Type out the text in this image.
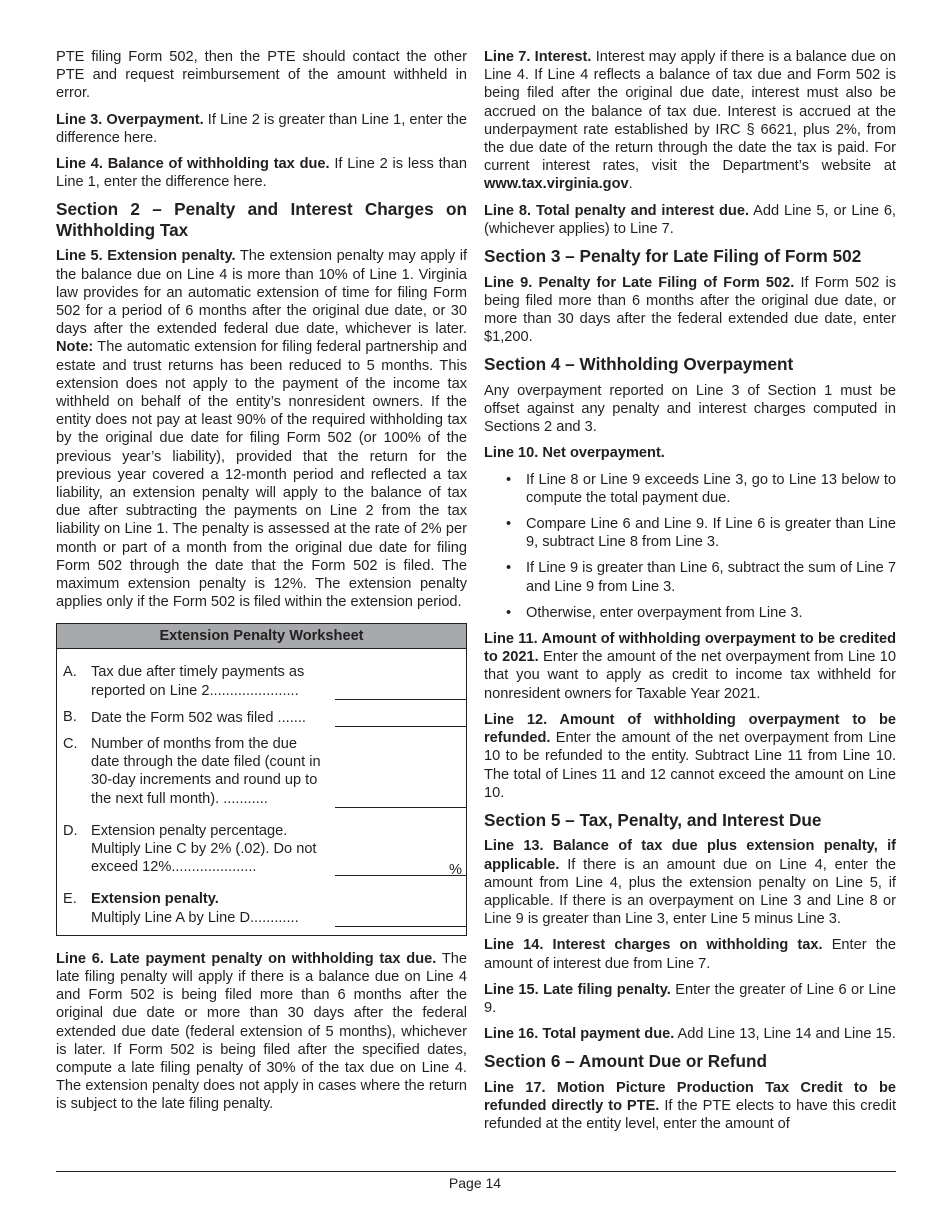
PTE filing Form 502, then the PTE should contact the other PTE and request reimbursement of the amount withheld in error.

Line 3. Overpayment. If Line 2 is greater than Line 1, enter the difference here.

Line 4. Balance of withholding tax due. If Line 2 is less than Line 1, enter the difference here.

Section 2 – Penalty and Interest Charges on Withholding Tax

Line 5. Extension penalty. The extension penalty may apply if the balance due on Line 4 is more than 10% of Line 1. Virginia law provides for an automatic extension of time for filing Form 502 for a period of 6 months after the original due date, or 30 days after the extended federal due date, whichever is later. Note: The automatic extension for filing federal partnership and estate and trust returns has been reduced to 5 months. This extension does not apply to the payment of the income tax withheld on behalf of the entity’s nonresident owners. If the entity does not pay at least 90% of the required withholding tax by the original due date for filing Form 502 (or 100% of the previous year’s liability), provided that the return for the previous year covered a 12-month period and reflected a tax liability, an extension penalty will apply to the balance of tax due after subtracting the payments on Line 2 from the tax liability on Line 1. The penalty is assessed at the rate of 2% per month or part of a month from the original due date for filing Form 502 through the date that the Form 502 is filed. The maximum extension penalty is 12%. The extension penalty applies only if the Form 502 is filed within the extension period.

Extension Penalty Worksheet
A. Tax due after timely payments as reported on Line 2......................
B. Date the Form 502 was filed .......
C. Number of months from the due date through the date filed (count in 30-day increments and round up to the next full month). ...........
D. Extension penalty percentage. Multiply Line C by 2% (.02). Do not exceed 12%.....................	%
E. Extension penalty.
Multiply Line A by Line D............

Line 6. Late payment penalty on withholding tax due. The late filing penalty will apply if there is a balance due on Line 4 and Form 502 is being filed more than 6 months after the original due date or more than 30 days after the federal extended due date (federal extension of 5 months), whichever is later. If Form 502 is being filed after the specified dates, compute a late filing penalty of 30% of the tax due on Line 4. The extension penalty does not apply in cases where the return is subject to the late filing penalty.

Line 7. Interest. Interest may apply if there is a balance due on Line 4. If Line 4 reflects a balance of tax due and Form 502 is being filed after the original due date, interest must also be accrued on the balance of tax due. Interest is accrued at the underpayment rate established by IRC § 6621, plus 2%, from the due date of the return through the date the tax is paid. For current interest rates, visit the Department’s website at www.tax.virginia.gov.

Line 8. Total penalty and interest due. Add Line 5, or Line 6, (whichever applies) to Line 7.

Section 3 – Penalty for Late Filing of Form 502

Line 9. Penalty for Late Filing of Form 502. If Form 502 is being filed more than 6 months after the original due date, or more than 30 days after the federal extended due date, enter $1,200.

Section 4 – Withholding Overpayment

Any overpayment reported on Line 3 of Section 1 must be offset against any penalty and interest charges computed in Sections 2 and 3.

Line 10. Net overpayment.

• If Line 8 or Line 9 exceeds Line 3, go to Line 13 below to compute the total payment due.
• Compare Line 6 and Line 9. If Line 6 is greater than Line 9, subtract Line 8 from Line 3.
• If Line 9 is greater than Line 6, subtract the sum of Line 7 and Line 9 from Line 3.
• Otherwise, enter overpayment from Line 3.

Line 11. Amount of withholding overpayment to be credited to 2021. Enter the amount of the net overpayment from Line 10 that you want to apply as credit to income tax withheld for nonresident owners for Taxable Year 2021.

Line 12. Amount of withholding overpayment to be refunded. Enter the amount of the net overpayment from Line 10 to be refunded to the entity. Subtract Line 11 from Line 10. The total of Lines 11 and 12 cannot exceed the amount on Line 10.

Section 5 – Tax, Penalty, and Interest Due

Line 13. Balance of tax due plus extension penalty, if applicable. If there is an amount due on Line 4, enter the amount from Line 4, plus the extension penalty on Line 5, if applicable. If there is an overpayment on Line 3 and Line 8 or Line 9 is greater than Line 3, enter Line 5 minus Line 3.

Line 14. Interest charges on withholding tax. Enter the amount of interest due from Line 7.

Line 15. Late filing penalty. Enter the greater of Line 6 or Line 9.

Line 16. Total payment due. Add Line 13, Line 14 and Line 15.

Section 6 – Amount Due or Refund

Line 17. Motion Picture Production Tax Credit to be refunded directly to PTE. If the PTE elects to have this credit refunded at the entity level, enter the amount of

Page 14
